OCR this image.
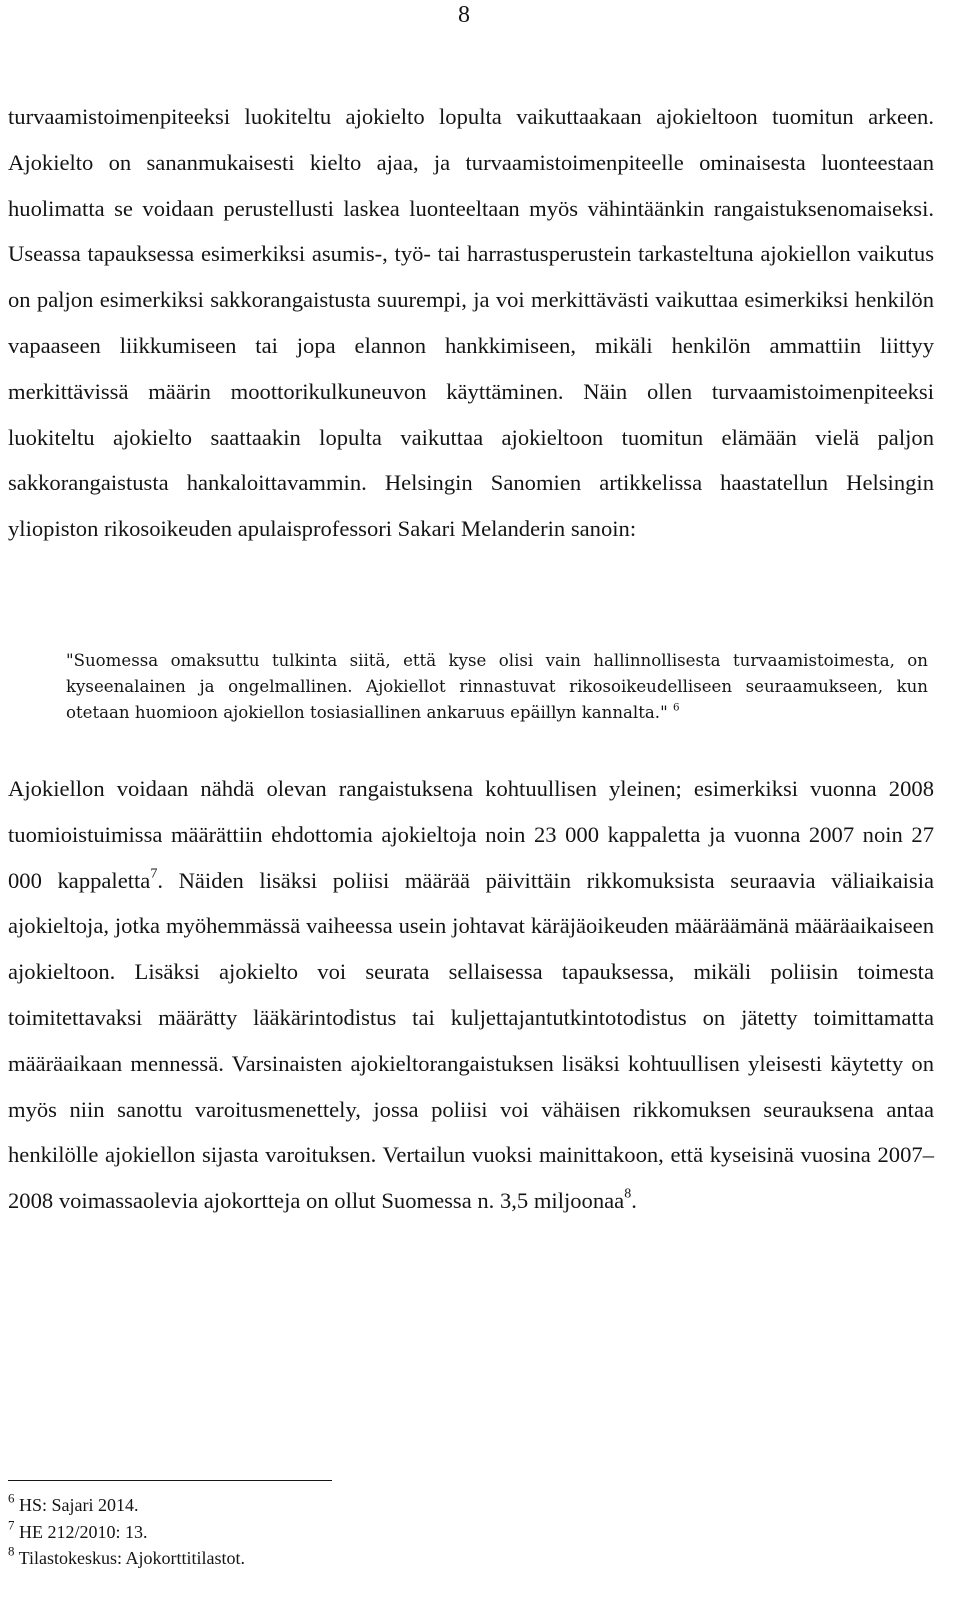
8

turvaamistoimenpiteeksi luokiteltu ajokielto lopulta vaikuttaakaan ajokieltoon tuomitun arkeen. Ajokielto on sananmukaisesti kielto ajaa, ja turvaamistoimenpiteelle ominaisesta luonteestaan huolimatta se voidaan perustellusti laskea luonteeltaan myös vähintäänkin rangaistuksenomaiseksi. Useassa tapauksessa esimerkiksi asumis-, työ- tai harrastusperustein tarkasteltuna ajokiellon vaikutus on paljon esimerkiksi sakkorangaistusta suurempi, ja voi merkittävästi vaikuttaa esimerkiksi henkilön vapaaseen liikkumiseen tai jopa elannon hankkimiseen, mikäli henkilön ammattiin liittyy merkittävissä määrin moottorikulkuneuvon käyttäminen. Näin ollen turvaamistoimenpiteeksi luokiteltu ajokielto saattaakin lopulta vaikuttaa ajokieltoon tuomitun elämään vielä paljon sakkorangaistusta hankaloittavammin. Helsingin Sanomien artikkelissa haastatellun Helsingin yliopiston rikosoikeuden apulaisprofessori Sakari Melanderin sanoin:

"Suomessa omaksuttu tulkinta siitä, että kyse olisi vain hallinnollisesta turvaamistoimesta, on kyseenalainen ja ongelmallinen. Ajokiellot rinnastuvat rikosoikeudelliseen seuraamukseen, kun otetaan huomioon ajokiellon tosiasiallinen ankaruus epäillyn kannalta." $^6$

Ajokiellon voidaan nähdä olevan rangaistuksena kohtuullisen yleinen; esimerkiksi vuonna 2008 tuomioistuimissa määrättiin ehdottomia ajokieltoja noin 23 000 kappaletta ja vuonna 2007 noin 27 000 kappaletta$^7$. Näiden lisäksi poliisi määrää päivittäin rikkomuksista seuraavia väliaikaisia ajokieltoja, jotka myöhemmässä vaiheessa usein johtavat käräjäoikeuden määräämänä määräaikaiseen ajokieltoon. Lisäksi ajokielto voi seurata sellaisessa tapauksessa, mikäli poliisin toimesta toimitettavaksi määrätty lääkärintodistus tai kuljettajantutkintotodistus on jätetty toimittamatta määräaikaan mennessä. Varsinaisten ajokieltorangaistuksen lisäksi kohtuullisen yleisesti käytetty on myös niin sanottu varoitusmenettely, jossa poliisi voi vähäisen rikkomuksen seurauksena antaa henkilölle ajokiellon sijasta varoituksen. Vertailun vuoksi mainittakoon, että kyseisinä vuosina 2007–2008 voimassaolevia ajokortteja on ollut Suomessa n. 3,5 miljoonaa$^8$.

$^6$ HS: Sajari 2014.

$^7$ HE 212/2010: 13.

$^8$ Tilastokeskus: Ajokorttitilastot.
